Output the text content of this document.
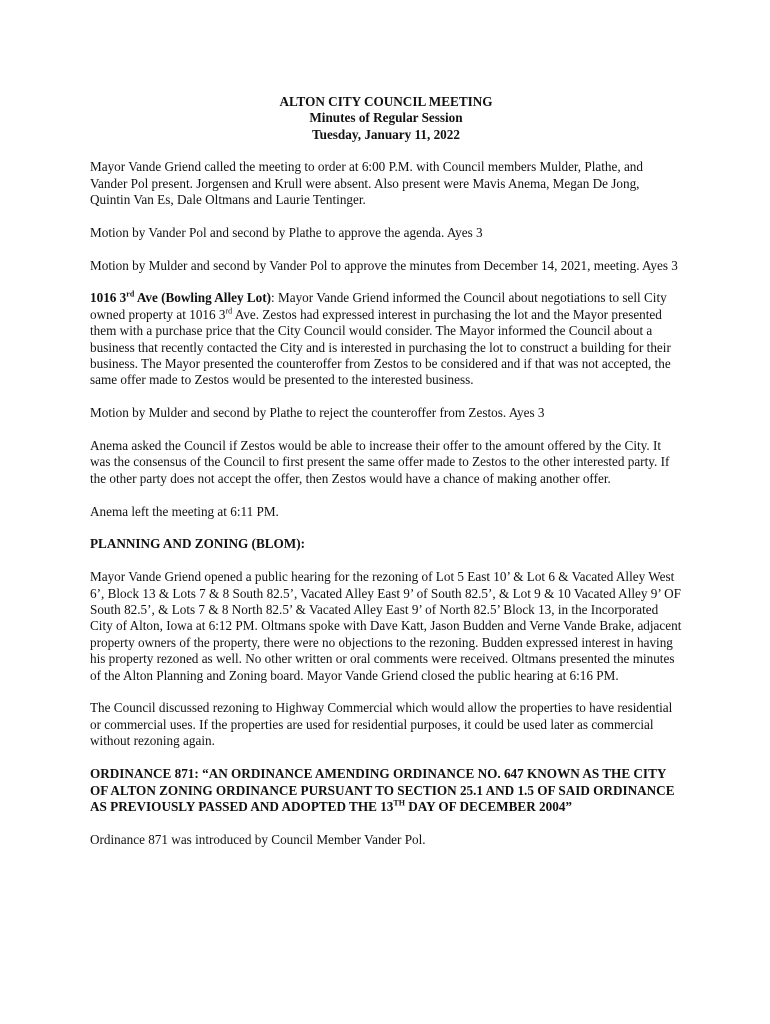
ALTON CITY COUNCIL MEETING
Minutes of Regular Session
Tuesday, January 11, 2022

Mayor Vande Griend called the meeting to order at 6:00 P.M. with Council members Mulder, Plathe, and Vander Pol present. Jorgensen and Krull were absent. Also present were Mavis Anema, Megan De Jong, Quintin Van Es, Dale Oltmans and Laurie Tentinger.

Motion by Vander Pol and second by Plathe to approve the agenda. Ayes 3

Motion by Mulder and second by Vander Pol to approve the minutes from December 14, 2021, meeting. Ayes 3

1016 3rd Ave (Bowling Alley Lot): Mayor Vande Griend informed the Council about negotiations to sell City owned property at 1016 3rd Ave. Zestos had expressed interest in purchasing the lot and the Mayor presented them with a purchase price that the City Council would consider. The Mayor informed the Council about a business that recently contacted the City and is interested in purchasing the lot to construct a building for their business. The Mayor presented the counteroffer from Zestos to be considered and if that was not accepted, the same offer made to Zestos would be presented to the interested business.

Motion by Mulder and second by Plathe to reject the counteroffer from Zestos. Ayes 3

Anema asked the Council if Zestos would be able to increase their offer to the amount offered by the City. It was the consensus of the Council to first present the same offer made to Zestos to the other interested party. If the other party does not accept the offer, then Zestos would have a chance of making another offer.

Anema left the meeting at 6:11 PM.

PLANNING AND ZONING (BLOM):

Mayor Vande Griend opened a public hearing for the rezoning of Lot 5 East 10’ & Lot 6 & Vacated Alley West 6’, Block 13 & Lots 7 & 8 South 82.5’, Vacated Alley East 9’ of South 82.5’, & Lot 9 & 10 Vacated Alley 9’ OF South 82.5’, & Lots 7 & 8 North 82.5’ & Vacated Alley East 9’ of North 82.5’ Block 13, in the Incorporated City of Alton, Iowa at 6:12 PM. Oltmans spoke with Dave Katt, Jason Budden and Verne Vande Brake, adjacent property owners of the property, there were no objections to the rezoning. Budden expressed interest in having his property rezoned as well. No other written or oral comments were received. Oltmans presented the minutes of the Alton Planning and Zoning board. Mayor Vande Griend closed the public hearing at 6:16 PM.

The Council discussed rezoning to Highway Commercial which would allow the properties to have residential or commercial uses. If the properties are used for residential purposes, it could be used later as commercial without rezoning again.

ORDINANCE 871: “AN ORDINANCE AMENDING ORDINANCE NO. 647 KNOWN AS THE CITY OF ALTON ZONING ORDINANCE PURSUANT TO SECTION 25.1 AND 1.5 OF SAID ORDINANCE AS PREVIOUSLY PASSED AND ADOPTED THE 13TH DAY OF DECEMBER 2004”

Ordinance 871 was introduced by Council Member Vander Pol.
